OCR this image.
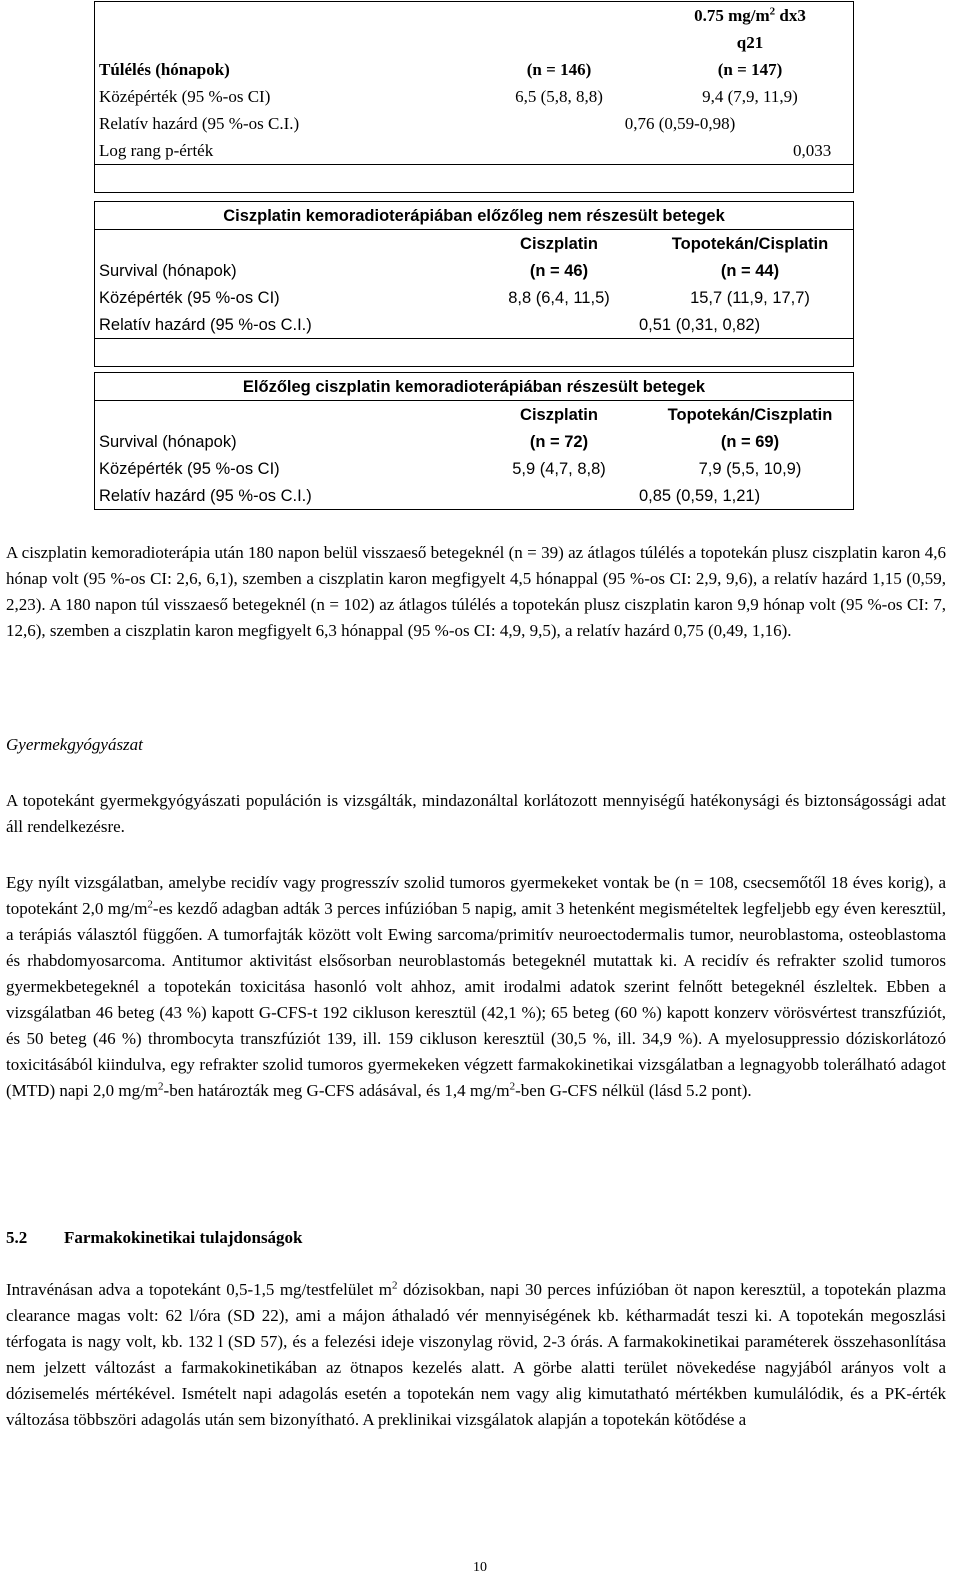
		0.75 $mg/m^2$ dx3
q21
Túlélés (hónapok)	(n = 146)	(n = 147)
Középérték (95 %-os CI)	6,5 (5,8, 8,8)	9,4 (7,9, 11,9)
Relatív hazárd (95 %-os C.I.)	0,76 (0,59-0,98)	
Log rang p-érték	0,033	

Ciszplatin kemoradioterápiában előzőleg nem részesült betegek		
	Ciszplatin	Topotekán/Cisplatin
Survival (hónapok)	(n = 46)	(n = 44)
Középérték (95 %-os CI)	8,8 (6,4, 11,5)	15,7 (11,9, 17,7)
Relatív hazárd (95 %-os C.I.)	0,51 (0,31, 0,82)	

Előzőleg ciszplatin kemoradioterápiában részesült betegek		
	Ciszplatin	Topotekán/Ciszplatin
Survival (hónapok)	(n = 72)	(n = 69)
Középérték (95 %-os CI)	5,9 (4,7, 8,8)	7,9 (5,5, 10,9)
Relatív hazárd (95 %-os C.I.)	0,85 (0,59, 1,21)	

A ciszplatin kemoradioterápia után 180 napon belül visszaeső betegeknél (n = 39) az átlagos túlélés a topotekán plusz ciszplatin karon 4,6 hónap volt (95 %-os CI: 2,6, 6,1), szemben a ciszplatin karon megfigyelt 4,5 hónappal (95 %-os CI: 2,9, 9,6), a relatív hazárd 1,15 (0,59, 2,23). A 180 napon túl visszaeső betegeknél (n = 102) az átlagos túlélés a topotekán plusz ciszplatin karon 9,9 hónap volt (95 %-os CI: 7, 12,6), szemben a ciszplatin karon megfigyelt 6,3 hónappal (95 %-os CI: 4,9, 9,5), a relatív hazárd 0,75 (0,49, 1,16).

Gyermekgyógyászat

A topotekánt gyermekgyógyászati populáción is vizsgálták, mindazonáltal korlátozott mennyiségű hatékonysági és biztonságossági adat áll rendelkezésre.

Egy nyílt vizsgálatban, amelybe recidív vagy progresszív szolid tumoros gyermekeket vontak be (n = 108, csecsemőtől 18 éves korig), a topotekánt 2,0 $mg/m^2-es$ kezdő adagban adták 3 perces infúzióban 5 napig, amit 3 hetenként megismételtek legfeljebb egy éven keresztül, a terápiás választól függően. A tumorfajták között volt Ewing sarcoma/primitív neuroectodermalis tumor, neuroblastoma, osteoblastoma és rhabdomyosarcoma. Antitumor aktivitást elsősorban neuroblastomás betegeknél mutattak ki. A recidív és refrakter szolid tumoros gyermekbetegeknél a topotekán toxicitása hasonló volt ahhoz, amit irodalmi adatok szerint felnőtt betegeknél észleltek. Ebben a vizsgálatban 46 beteg (43 %) kapott G-CFS-t 192 cikluson keresztül (42,1 %); 65 beteg (60 %) kapott konzerv vörösvértest transzfúziót, és 50 beteg (46 %) thrombocyta transzfúziót 139, ill. 159 cikluson keresztül (30,5 %, ill. 34,9 %). A myelosuppressio dóziskorlátozó toxicitásából kiindulva, egy refrakter szolid tumoros gyermekeken végzett farmakokinetikai vizsgálatban a legnagyobb tolerálható adagot (MTD) napi 2,0 $mg/m^2$-ben határozták meg G-CFS adásával, és 1,4 $mg/m^2$-ben G-CFS nélkül (lásd 5.2 pont).

5.2 Farmakokinetikai tulajdonságok

Intravénásan adva a topotekánt 0,5-1,5 mg/testfelület $m^2$ dózisokban, napi 30 perces infúzióban öt napon keresztül, a topotekán plazma clearance magas volt: 62 l/óra (SD 22), ami a májon áthaladó vér mennyiségének kb. kétharmadát teszi ki. A topotekán megoszlási térfogata is nagy volt, kb. 132 l (SD 57), és a felezési ideje viszonylag rövid, 2-3 órás. A farmakokinetikai paraméterek összehasonlítása nem jelzett változást a farmakokinetikában az ötnapos kezelés alatt. A görbe alatti terület növekedése nagyjából arányos volt a dózisemelés mértékével. Ismételt napi adagolás esetén a topotekán nem vagy alig kimutatható mértékben kumulálódik, és a PK-érték változása többszöri adagolás után sem bizonyítható. A preklinikai vizsgálatok alapján a topotekán kötődése a

10
